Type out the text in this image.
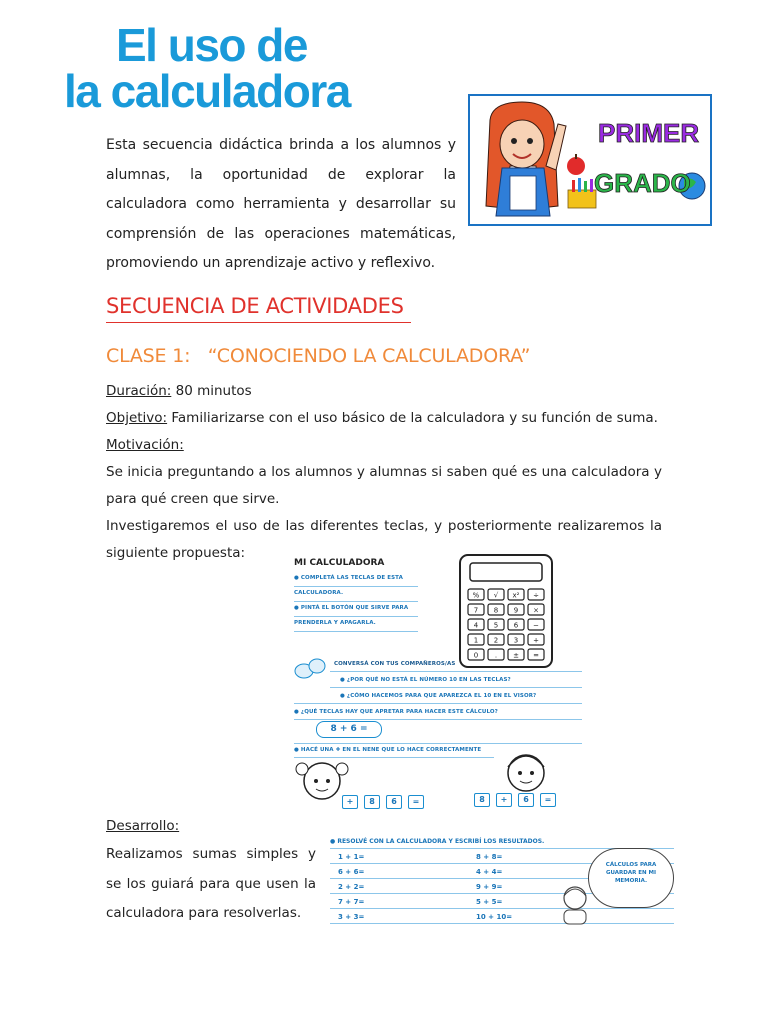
El uso de
la calculadora
Esta secuencia didáctica brinda a los alumnos y alumnas, la oportunidad de explorar la calculadora como herramienta y desarrollar su comprensión de las operaciones matemáticas, promoviendo un aprendizaje activo y reflexivo.
PRIMER
GRADO
SECUENCIA DE ACTIVIDADES
CLASE 1:   “CONOCIENDO LA CALCULADORA”
Duración: 80 minutos
Objetivo: Familiarizarse con el uso básico de la calculadora y su función de suma.
Motivación:
Se inicia preguntando a los alumnos y alumnas si saben qué es una calculadora y para qué creen que sirve.
Investigaremos el uso de las diferentes teclas, y posteriormente realizaremos la siguiente propuesta:
MI CALCULADORA
● COMPLETÁ LAS TECLAS DE ESTA
CALCULADORA.
● PINTÁ EL BOTÓN QUE SIRVE PARA
PRENDERLA Y APAGARLA.
% √ x² ÷
7 8 9 ×
4 5 6 −
1 2 3 +
0 . ± =
CONVERSÁ CON TUS COMPAÑEROS/AS
● ¿POR QUÉ NO ESTÁ EL NÚMERO 10 EN LAS TECLAS?
● ¿CÓMO HACEMOS PARA QUE APAREZCA EL 10 EN EL VISOR?
● ¿QUÉ TECLAS HAY QUE APRETAR PARA HACER ESTE CÁLCULO?
8 + 6 =
● HACÉ UNA ✚ EN EL NENE QUE LO HACE CORRECTAMENTE
+	8	6	=	8	+	6	=
Desarrollo:
Realizamos sumas simples y se los guiará para que usen la calculadora para resolverlas.
● RESOLVÉ CON LA CALCULADORA Y ESCRIBÍ LOS RESULTADOS.
1 + 1=	8 + 8=
6 + 6=	4 + 4=
2 + 2=	9 + 9=
7 + 7=	5 + 5=
3 + 3=	10 + 10=
CÁLCULOS PARA GUARDAR EN MI MEMORIA.
